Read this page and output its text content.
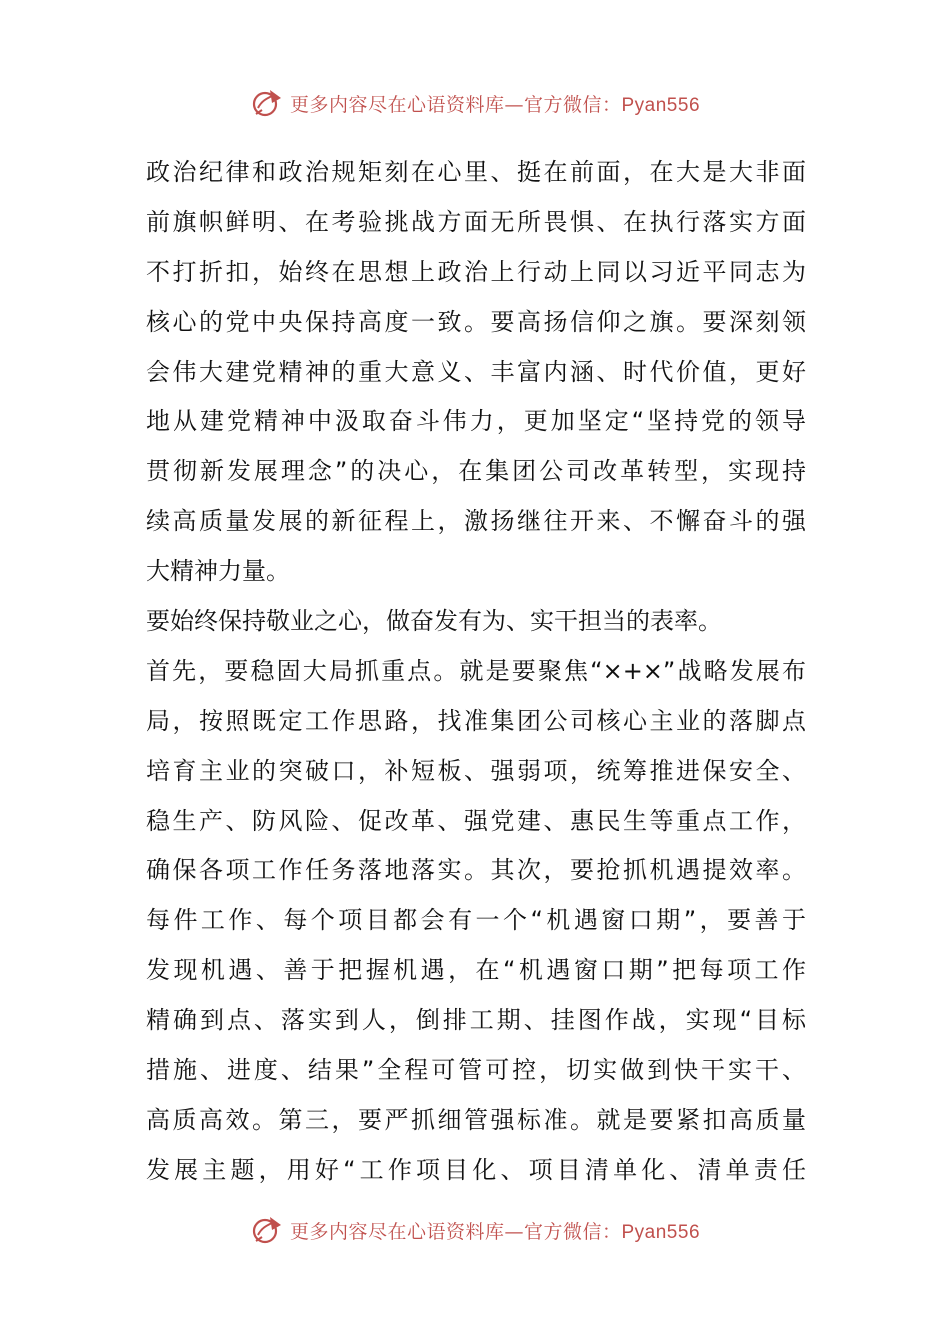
更多内容尽在心语资料库—官方微信：Pyan556
政治纪律和政治规矩刻在心里、挺在前面，在大是大非面
前旗帜鲜明、在考验挑战方面无所畏惧、在执行落实方面
不打折扣，始终在思想上政治上行动上同以习近平同志为
核心的党中央保持高度一致。要高扬信仰之旗。要深刻领
会伟大建党精神的重大意义、丰富内涵、时代价值，更好
地从建党精神中汲取奋斗伟力，更加坚定“坚持党的领导
贯彻新发展理念”的决心，在集团公司改革转型，实现持
续高质量发展的新征程上，激扬继往开来、不懈奋斗的强
大精神力量。
要始终保持敬业之心，做奋发有为、实干担当的表率。
首先，要稳固大局抓重点。就是要聚焦“×+×”战略发展布
局，按照既定工作思路，找准集团公司核心主业的落脚点
培育主业的突破口，补短板、强弱项，统筹推进保安全、
稳生产、防风险、促改革、强党建、惠民生等重点工作，
确保各项工作任务落地落实。其次，要抢抓机遇提效率。
每件工作、每个项目都会有一个“机遇窗口期”，要善于
发现机遇、善于把握机遇，在“机遇窗口期”把每项工作
精确到点、落实到人，倒排工期、挂图作战，实现“目标
措施、进度、结果”全程可管可控，切实做到快干实干、
高质高效。第三，要严抓细管强标准。就是要紧扣高质量
发展主题，用好“工作项目化、项目清单化、清单责任
更多内容尽在心语资料库—官方微信：Pyan556
